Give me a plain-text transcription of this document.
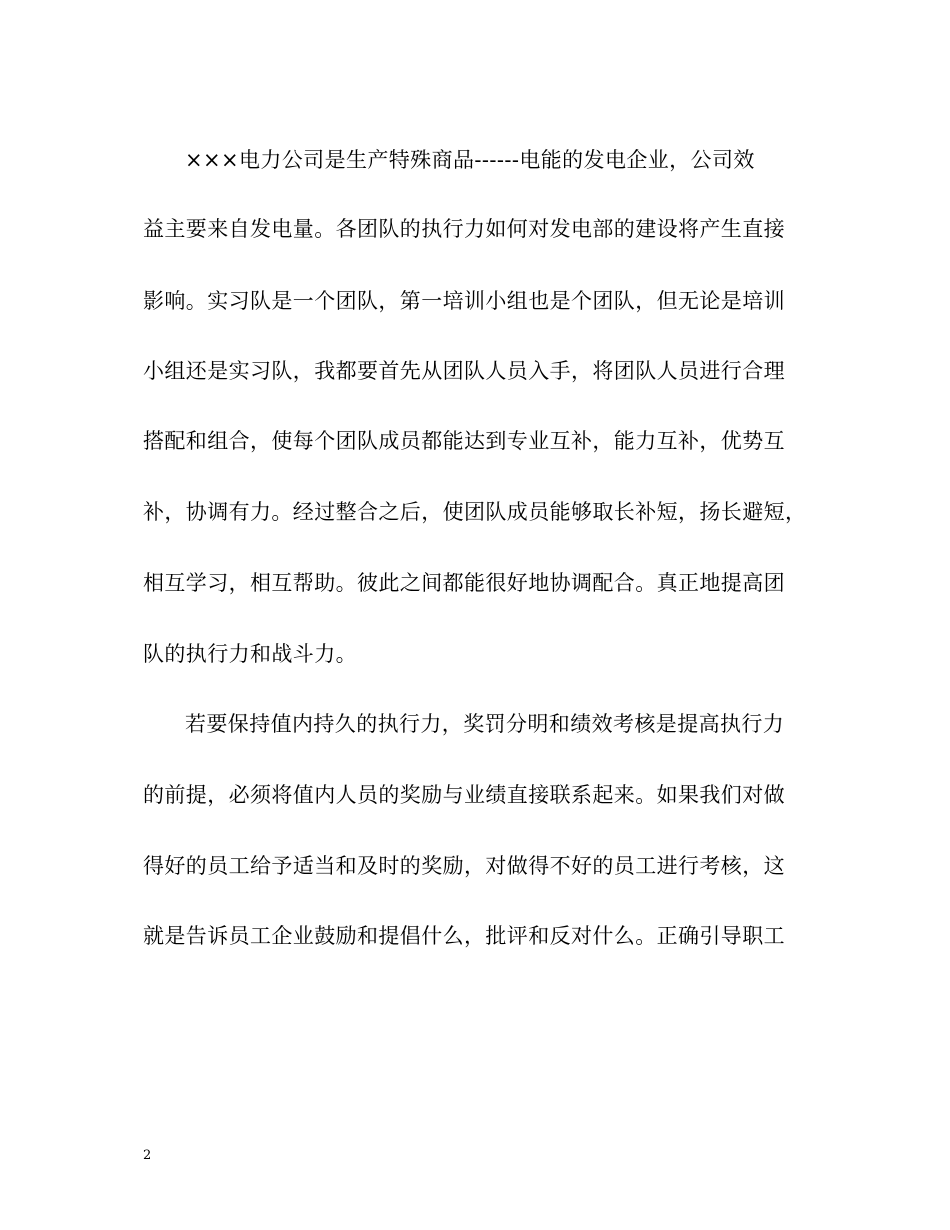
×××电力公司是生产特殊商品------电能的发电企业，公司效
益主要来自发电量。各团队的执行力如何对发电部的建设将产生直接
影响。实习队是一个团队，第一培训小组也是个团队，但无论是培训
小组还是实习队，我都要首先从团队人员入手，将团队人员进行合理
搭配和组合，使每个团队成员都能达到专业互补，能力互补，优势互
补，协调有力。经过整合之后，使团队成员能够取长补短，扬长避短，
相互学习，相互帮助。彼此之间都能很好地协调配合。真正地提高团
队的执行力和战斗力。
若要保持值内持久的执行力，奖罚分明和绩效考核是提高执行力
的前提，必须将值内人员的奖励与业绩直接联系起来。如果我们对做
得好的员工给予适当和及时的奖励，对做得不好的员工进行考核，这
就是告诉员工企业鼓励和提倡什么，批评和反对什么。正确引导职工
2
